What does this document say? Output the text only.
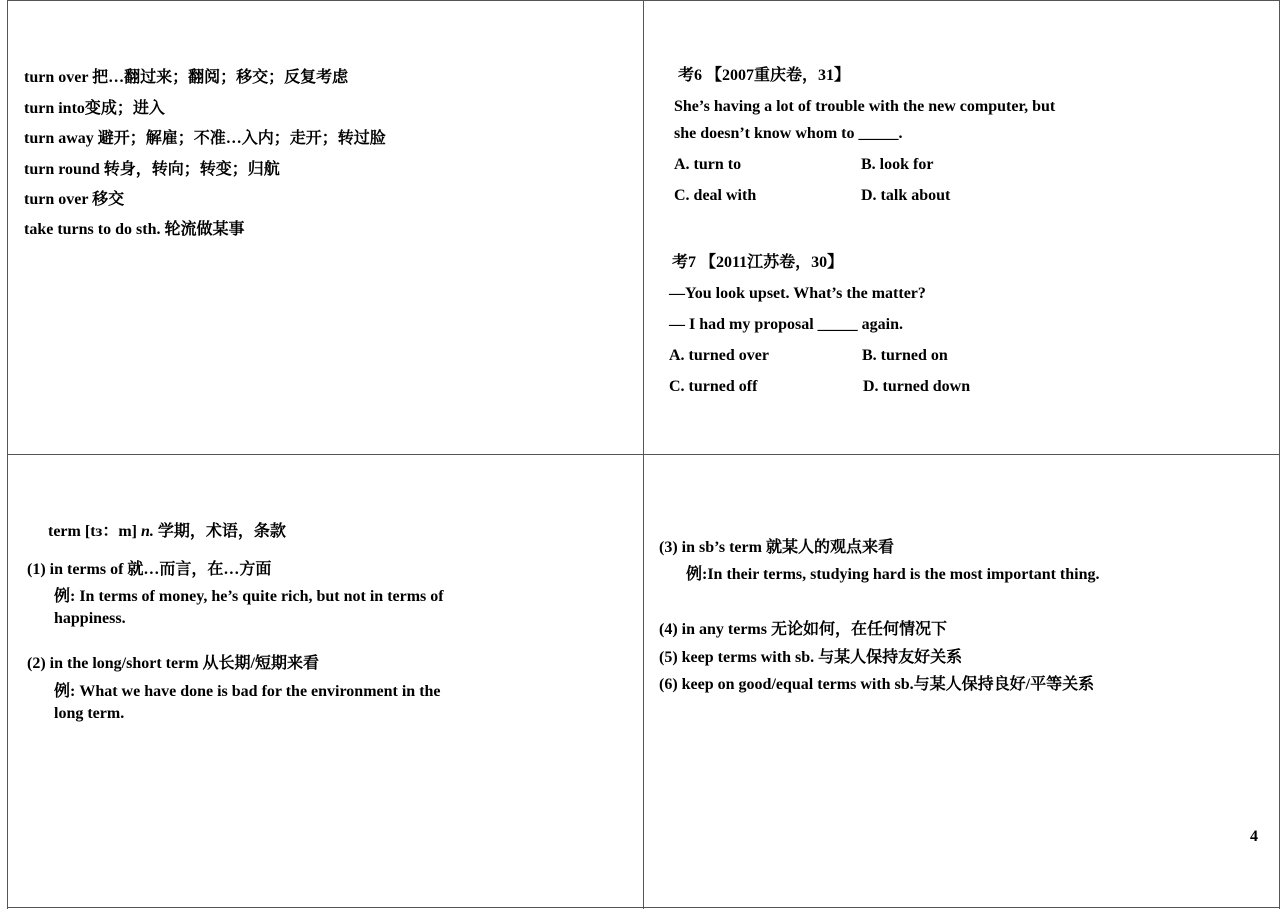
turn over 把…翻过来；翻阅；移交；反复考虑
turn into变成；进入
turn away 避开；解雇；不准…入内；走开；转过脸
turn round 转身，转向；转变；归航
turn over 移交
take turns to do sth. 轮流做某事
考6 【2007重庆卷，31】
She’s having a lot of trouble with the new computer, but
she doesn’t know whom to _____.
A. turn to	B. look for
C. deal with	D. talk about
考7 【2011江苏卷，30】
—You look upset. What’s the matter?
— I had my proposal _____ again.
A. turned over	B. turned on
C. turned off	D. turned down
term [tɜ：m] n. 学期，术语，条款
(1) in terms of 就…而言，在…方面
例: In terms of money, he’s quite rich, but not in terms of
happiness.
(2) in the long/short term 从长期/短期来看
例: What we have done is bad for the environment in the
long term.
(3) in sb’s term 就某人的观点来看
例:In their terms, studying hard is the most important thing.
(4) in any terms 无论如何，在任何情况下
(5) keep terms with sb. 与某人保持友好关系
(6) keep on good/equal terms with sb.与某人保持良好/平等关系
4
